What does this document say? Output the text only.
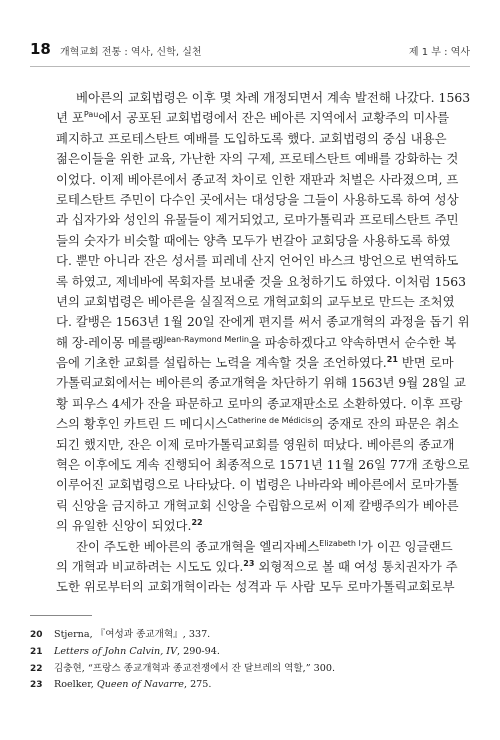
18 개혁교회 전통 : 역사, 신학, 실천	제 1 부 : 역사
베아른의 교회법령은 이후 몇 차례 개정되면서 계속 발전해 나갔다. 1563
년 포$^{Pau}$에서 공포된 교회법령에서 잔은 베아른 지역에서 교황주의 미사를
폐지하고 프로테스탄트 예배를 도입하도록 했다. 교회법령의 중심 내용은
젊은이들을 위한 교육, 가난한 자의 구제, 프로테스탄트 예배를 강화하는 것
이었다. 이제 베아른에서 종교적 차이로 인한 재판과 처벌은 사라졌으며, 프
로테스탄트 주민이 다수인 곳에서는 대성당을 그들이 사용하도록 하여 성상
과 십자가와 성인의 유물들이 제거되었고, 로마가톨릭과 프로테스탄트 주민
들의 숫자가 비슷할 때에는 양측 모두가 번갈아 교회당을 사용하도록 하였
다. 뿐만 아니라 잔은 성서를 피레네 산지 언어인 바스크 방언으로 번역하도
록 하였고, 제네바에 목회자를 보내줄 것을 요청하기도 하였다. 이처럼 1563
년의 교회법령은 베아른을 실질적으로 개혁교회의 교두보로 만드는 조처였
다. 칼뱅은 1563년 1월 20일 잔에게 편지를 써서 종교개혁의 과정을 돕기 위
해 장-레이몽 메를랭$^{Jean-Raymond Merlin}$을 파송하겠다고 약속하면서 순수한 복
음에 기초한 교회를 설립하는 노력을 계속할 것을 조언하였다.$^{21}$ 반면 로마
가톨릭교회에서는 베아른의 종교개혁을 차단하기 위해 1563년 9월 28일 교
황 피우스 4세가 잔을 파문하고 로마의 종교재판소로 소환하였다. 이후 프랑
스의 황후인 카트린 드 메디시스$^{Catherine de Médicis}$의 중재로 잔의 파문은 취소
되긴 했지만, 잔은 이제 로마가톨릭교회를 영원히 떠났다. 베아른의 종교개
혁은 이후에도 계속 진행되어 최종적으로 1571년 11월 26일 77개 조항으로
이루어진 교회법령으로 나타났다. 이 법령은 나바라와 베아른에서 로마가톨
릭 신앙을 금지하고 개혁교회 신앙을 수립함으로써 이제 칼뱅주의가 베아른
의 유일한 신앙이 되었다.$^{22}$
잔이 주도한 베아른의 종교개혁을 엘리자베스$^{Elizabeth I}$가 이끈 잉글랜드
의 개혁과 비교하려는 시도도 있다.$^{23}$ 외형적으로 볼 때 여성 통치권자가 주
도한 위로부터의 교회개혁이라는 성격과 두 사람 모두 로마가톨릭교회로부
20 Stjerna, 『여성과 종교개혁』, 337.
21 Letters of John Calvin, IV, 290-94.
22 김충현, “프랑스 종교개혁과 종교전쟁에서 잔 달브레의 역할,” 300.
23 Roelker, Queen of Navarre, 275.
